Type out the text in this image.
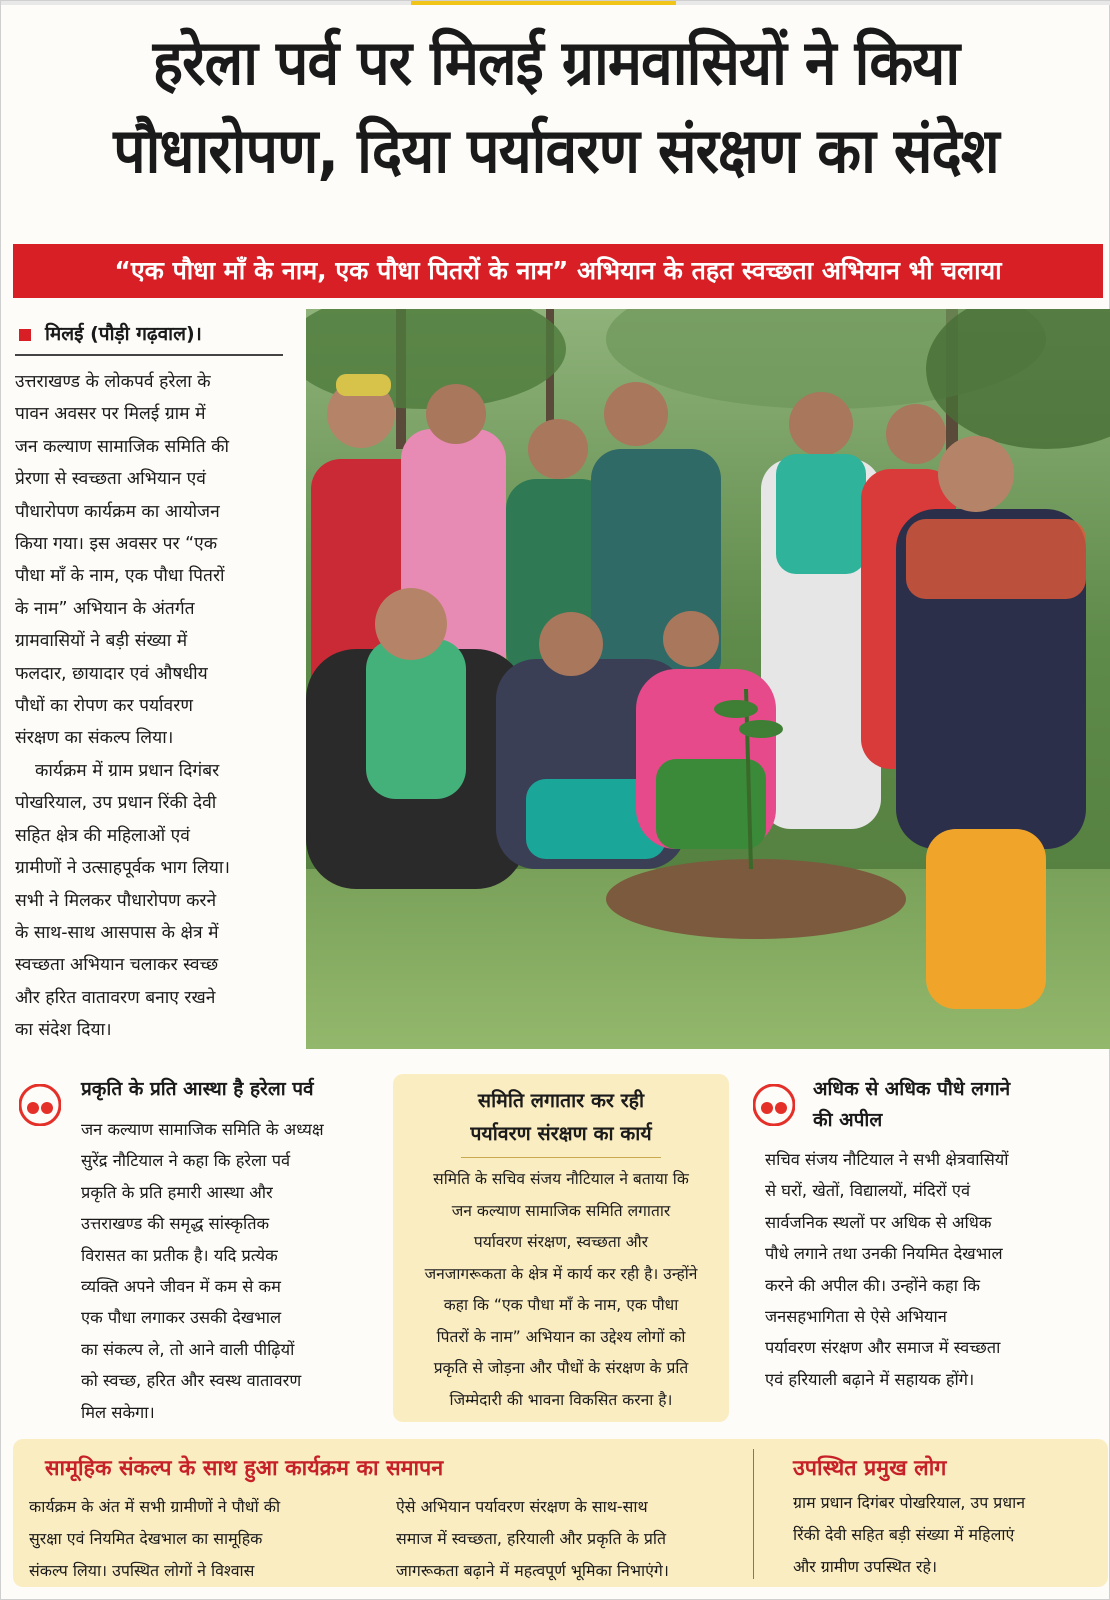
हरेला पर्व पर मिलई ग्रामवासियों ने किया
पौधारोपण, दिया पर्यावरण संरक्षण का संदेश
“एक पौधा माँ के नाम, एक पौधा पितरों के नाम” अभियान के तहत स्वच्छता अभियान भी चलाया
मिलई (पौड़ी गढ़वाल)।
उत्तराखण्ड के लोकपर्व हरेला के
पावन अवसर पर मिलई ग्राम में
जन कल्याण सामाजिक समिति की
प्रेरणा से स्वच्छता अभियान एवं
पौधारोपण कार्यक्रम का आयोजन
किया गया। इस अवसर पर “एक
पौधा माँ के नाम, एक पौधा पितरों
के नाम” अभियान के अंतर्गत
ग्रामवासियों ने बड़ी संख्या में
फलदार, छायादार एवं औषधीय
पौधों का रोपण कर पर्यावरण
संरक्षण का संकल्प लिया।
कार्यक्रम में ग्राम प्रधान दिगंबर
पोखरियाल, उप प्रधान रिंकी देवी
सहित क्षेत्र की महिलाओं एवं
ग्रामीणों ने उत्साहपूर्वक भाग लिया।
सभी ने मिलकर पौधारोपण करने
के साथ-साथ आसपास के क्षेत्र में
स्वच्छता अभियान चलाकर स्वच्छ
और हरित वातावरण बनाए रखने
का संदेश दिया।
प्रकृति के प्रति आस्था है हरेला पर्व
जन कल्याण सामाजिक समिति के अध्यक्ष
सुरेंद्र नौटियाल ने कहा कि हरेला पर्व
प्रकृति के प्रति हमारी आस्था और
उत्तराखण्ड की समृद्ध सांस्कृतिक
विरासत का प्रतीक है। यदि प्रत्येक
व्यक्ति अपने जीवन में कम से कम
एक पौधा लगाकर उसकी देखभाल
का संकल्प ले, तो आने वाली पीढ़ियों
को स्वच्छ, हरित और स्वस्थ वातावरण
मिल सकेगा।
समिति लगातार कर रही
पर्यावरण संरक्षण का कार्य
समिति के सचिव संजय नौटियाल ने बताया कि
जन कल्याण सामाजिक समिति लगातार
पर्यावरण संरक्षण, स्वच्छता और
जनजागरूकता के क्षेत्र में कार्य कर रही है। उन्होंने
कहा कि “एक पौधा माँ के नाम, एक पौधा
पितरों के नाम” अभियान का उद्देश्य लोगों को
प्रकृति से जोड़ना और पौधों के संरक्षण के प्रति
जिम्मेदारी की भावना विकसित करना है।
अधिक से अधिक पौधे लगाने
की अपील
सचिव संजय नौटियाल ने सभी क्षेत्रवासियों
से घरों, खेतों, विद्यालयों, मंदिरों एवं
सार्वजनिक स्थलों पर अधिक से अधिक
पौधे लगाने तथा उनकी नियमित देखभाल
करने की अपील की। उन्होंने कहा कि
जनसहभागिता से ऐसे अभियान
पर्यावरण संरक्षण और समाज में स्वच्छता
एवं हरियाली बढ़ाने में सहायक होंगे।
सामूहिक संकल्प के साथ हुआ कार्यक्रम का समापन
कार्यक्रम के अंत में सभी ग्रामीणों ने पौधों की
सुरक्षा एवं नियमित देखभाल का सामूहिक
संकल्प लिया। उपस्थित लोगों ने विश्वास
ऐसे अभियान पर्यावरण संरक्षण के साथ-साथ
समाज में स्वच्छता, हरियाली और प्रकृति के प्रति
जागरूकता बढ़ाने में महत्वपूर्ण भूमिका निभाएंगे।
उपस्थित प्रमुख लोग
ग्राम प्रधान दिगंबर पोखरियाल, उप प्रधान
रिंकी देवी सहित बड़ी संख्या में महिलाएं
और ग्रामीण उपस्थित रहे।
